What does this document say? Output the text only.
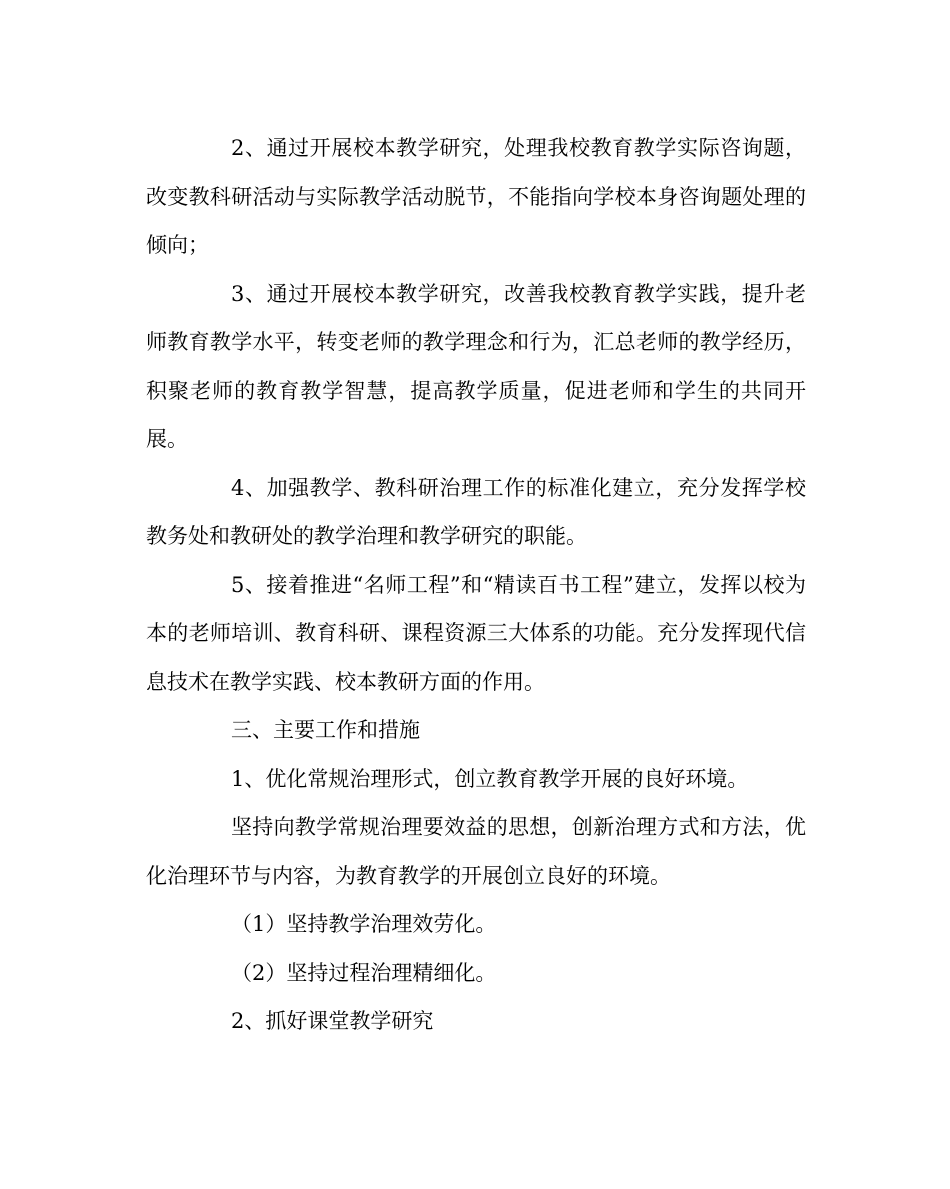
2、通过开展校本教学研究，处理我校教育教学实际咨询题，改变教科研活动与实际教学活动脱节，不能指向学校本身咨询题处理的倾向；

3、通过开展校本教学研究，改善我校教育教学实践，提升老师教育教学水平，转变老师的教学理念和行为，汇总老师的教学经历，积聚老师的教育教学智慧，提高教学质量，促进老师和学生的共同开展。

4、加强教学、教科研治理工作的标准化建立，充分发挥学校教务处和教研处的教学治理和教学研究的职能。

5、接着推进“名师工程”和“精读百书工程”建立，发挥以校为本的老师培训、教育科研、课程资源三大体系的功能。充分发挥现代信息技术在教学实践、校本教研方面的作用。

三、主要工作和措施

1、优化常规治理形式，创立教育教学开展的良好环境。

坚持向教学常规治理要效益的思想，创新治理方式和方法，优化治理环节与内容，为教育教学的开展创立良好的环境。

（1）坚持教学治理效劳化。

（2）坚持过程治理精细化。

2、抓好课堂教学研究
